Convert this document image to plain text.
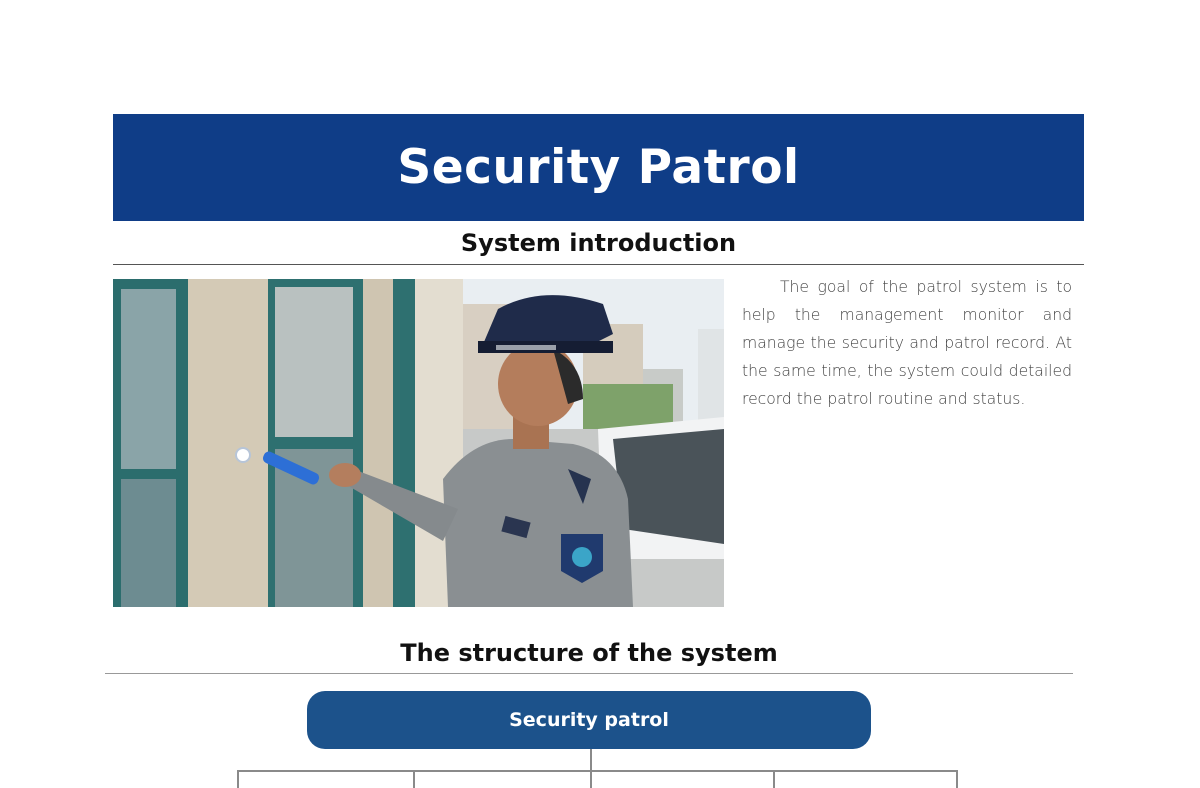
Security Patrol
System introduction
The goal of the patrol system is to help the management monitor and manage the security and patrol record. At the same time, the system could detailed record the patrol routine and status.
The structure of the system
Security patrol
